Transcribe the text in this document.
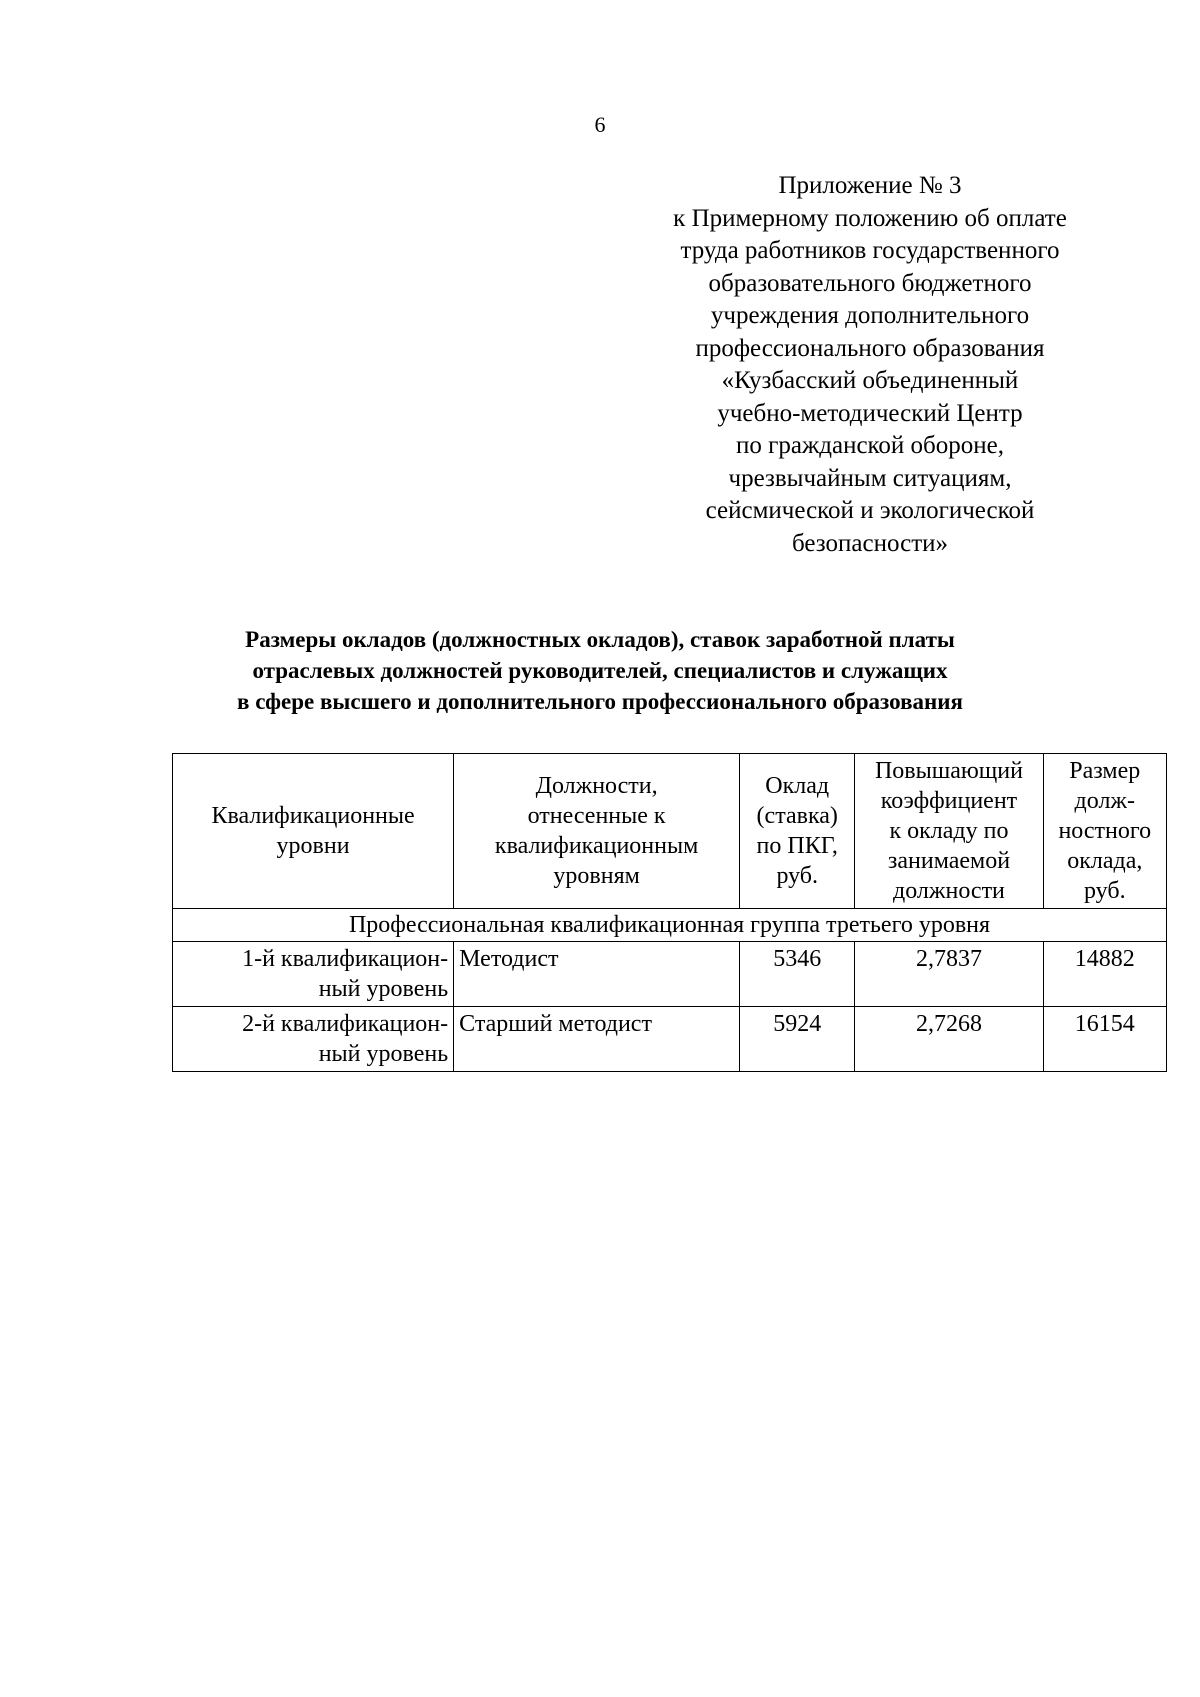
6
Приложение № 3
к Примерному положению об оплате
труда работников государственного
образовательного бюджетного
учреждения дополнительного
профессионального образования
«Кузбасский объединенный
учебно-методический Центр
по гражданской обороне,
чрезвычайным ситуациям,
сейсмической и экологической
безопасности»
Размеры окладов (должностных окладов), ставок заработной платы
отраслевых должностей руководителей, специалистов и служащих
в сфере высшего и дополнительного профессионального образования
Квалификационные
уровни	Должности,
отнесенные к
квалификационным
уровням	Оклад
(ставка)
по ПКГ,
руб.	Повышающий
коэффициент
к окладу по
занимаемой
должности	Размер
долж-
ностного
оклада,
руб.

Профессиональная квалификационная группа третьего уровня				

1-й квалификацион-
ный уровень	Методист	5346	2,7837	14882

2-й квалификацион-
ный уровень	Старший методист	5924	2,7268	16154
